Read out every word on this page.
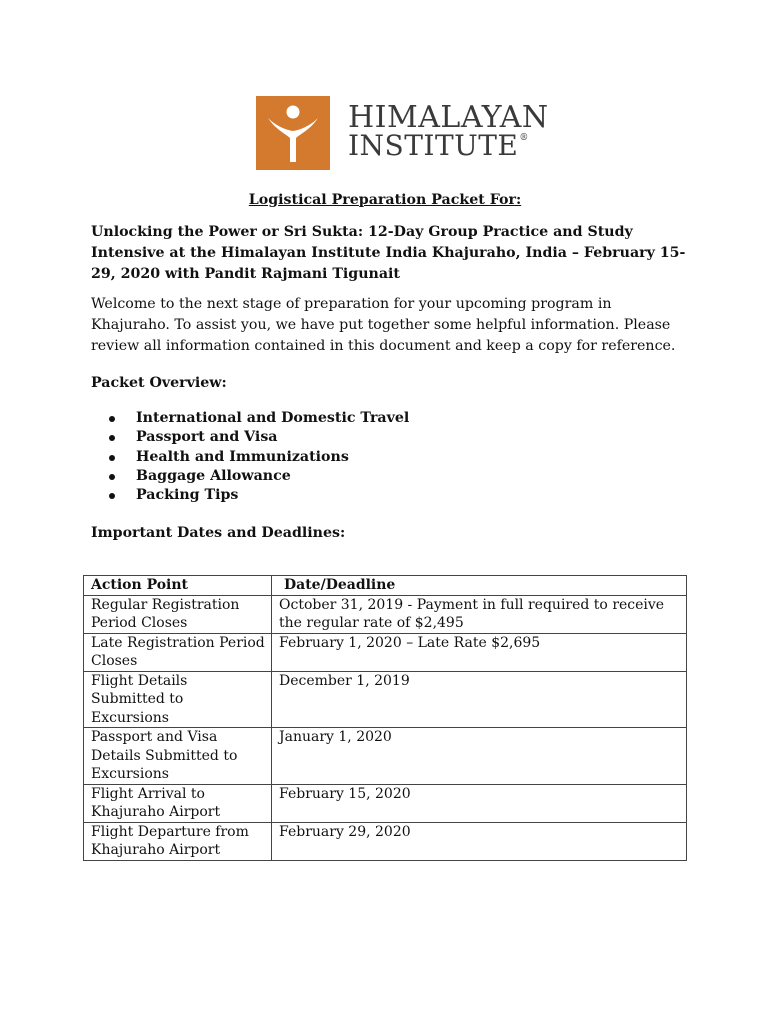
HIMALAYAN
INSTITUTE®
Logistical Preparation Packet For:
Unlocking the Power or Sri Sukta: 12-Day Group Practice and Study Intensive at the Himalayan Institute India Khajuraho, India – February 15-29, 2020 with Pandit Rajmani Tigunait
Welcome to the next stage of preparation for your upcoming program in Khajuraho. To assist you, we have put together some helpful information. Please review all information contained in this document and keep a copy for reference.
Packet Overview:
International and Domestic Travel
Passport and Visa
Health and Immunizations
Baggage Allowance
Packing Tips
Important Dates and Deadlines:
Action Point	Date/Deadline
Regular Registration Period Closes	October 31, 2019 - Payment in full required to receive the regular rate of $2,495
Late Registration Period Closes	February 1, 2020 – Late Rate $2,695
Flight Details Submitted to Excursions	December 1, 2019
Passport and Visa Details Submitted to Excursions	January 1, 2020
Flight Arrival to Khajuraho Airport	February 15, 2020
Flight Departure from Khajuraho Airport	February 29, 2020
